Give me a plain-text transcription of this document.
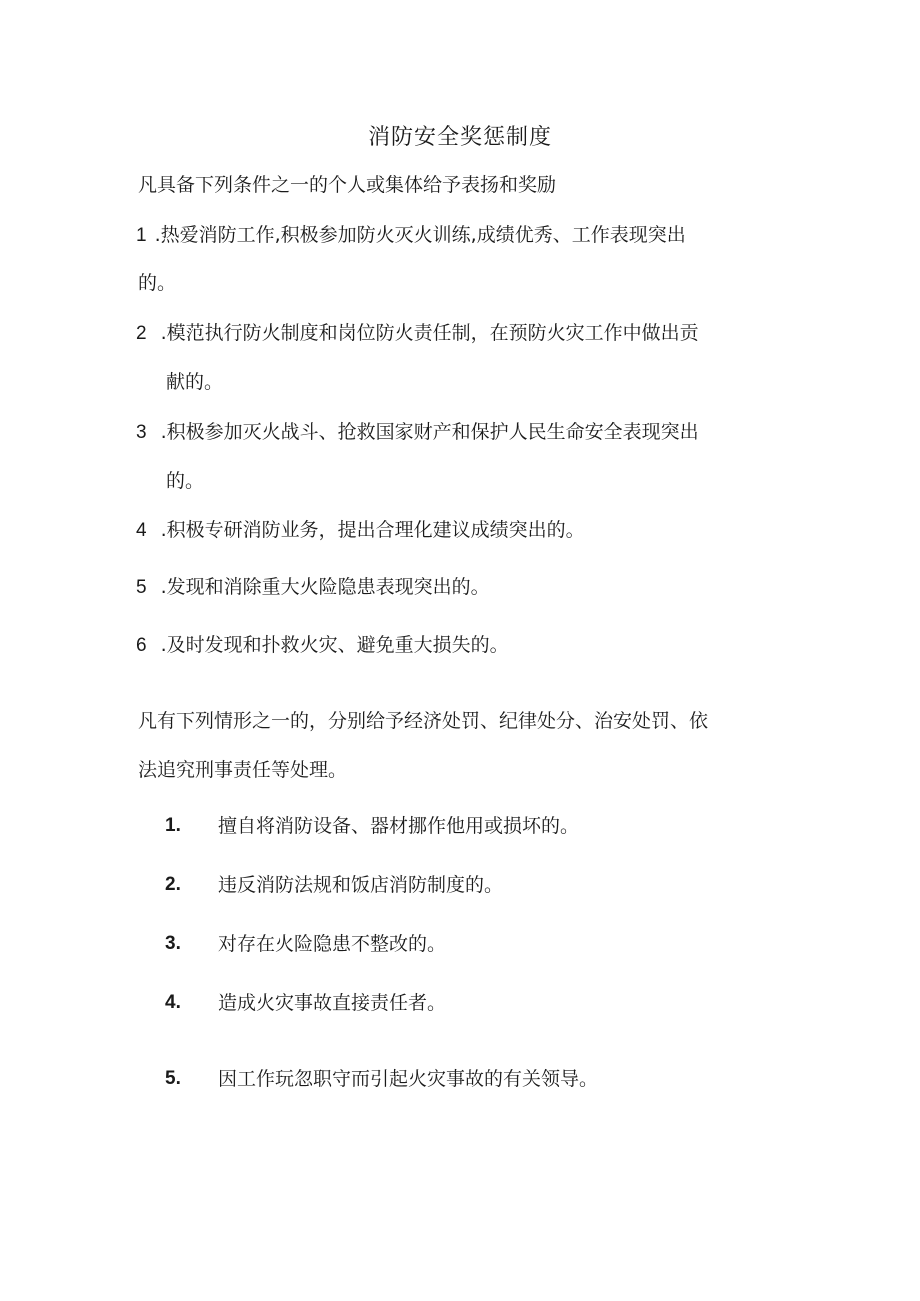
消防安全奖惩制度

凡具备下列条件之一的个人或集体给予表扬和奖励

1 .热爱消防工作,积极参加防火灭火训练,成绩优秀、工作表现突出

的。

2 .模范执行防火制度和岗位防火责任制，在预防火灾工作中做出贡

献的。

3 .积极参加灭火战斗、抢救国家财产和保护人民生命安全表现突出

的。

4 .积极专研消防业务，提出合理化建议成绩突出的。

5 .发现和消除重大火险隐患表现突出的。

6 .及时发现和扑救火灾、避免重大损失的。

凡有下列情形之一的，分别给予经济处罚、纪律处分、治安处罚、依

法追究刑事责任等处理。

1. 擅自将消防设备、器材挪作他用或损坏的。
2. 违反消防法规和饭店消防制度的。
3. 对存在火险隐患不整改的。
4. 造成火灾事故直接责任者。
5. 因工作玩忽职守而引起火灾事故的有关领导。
